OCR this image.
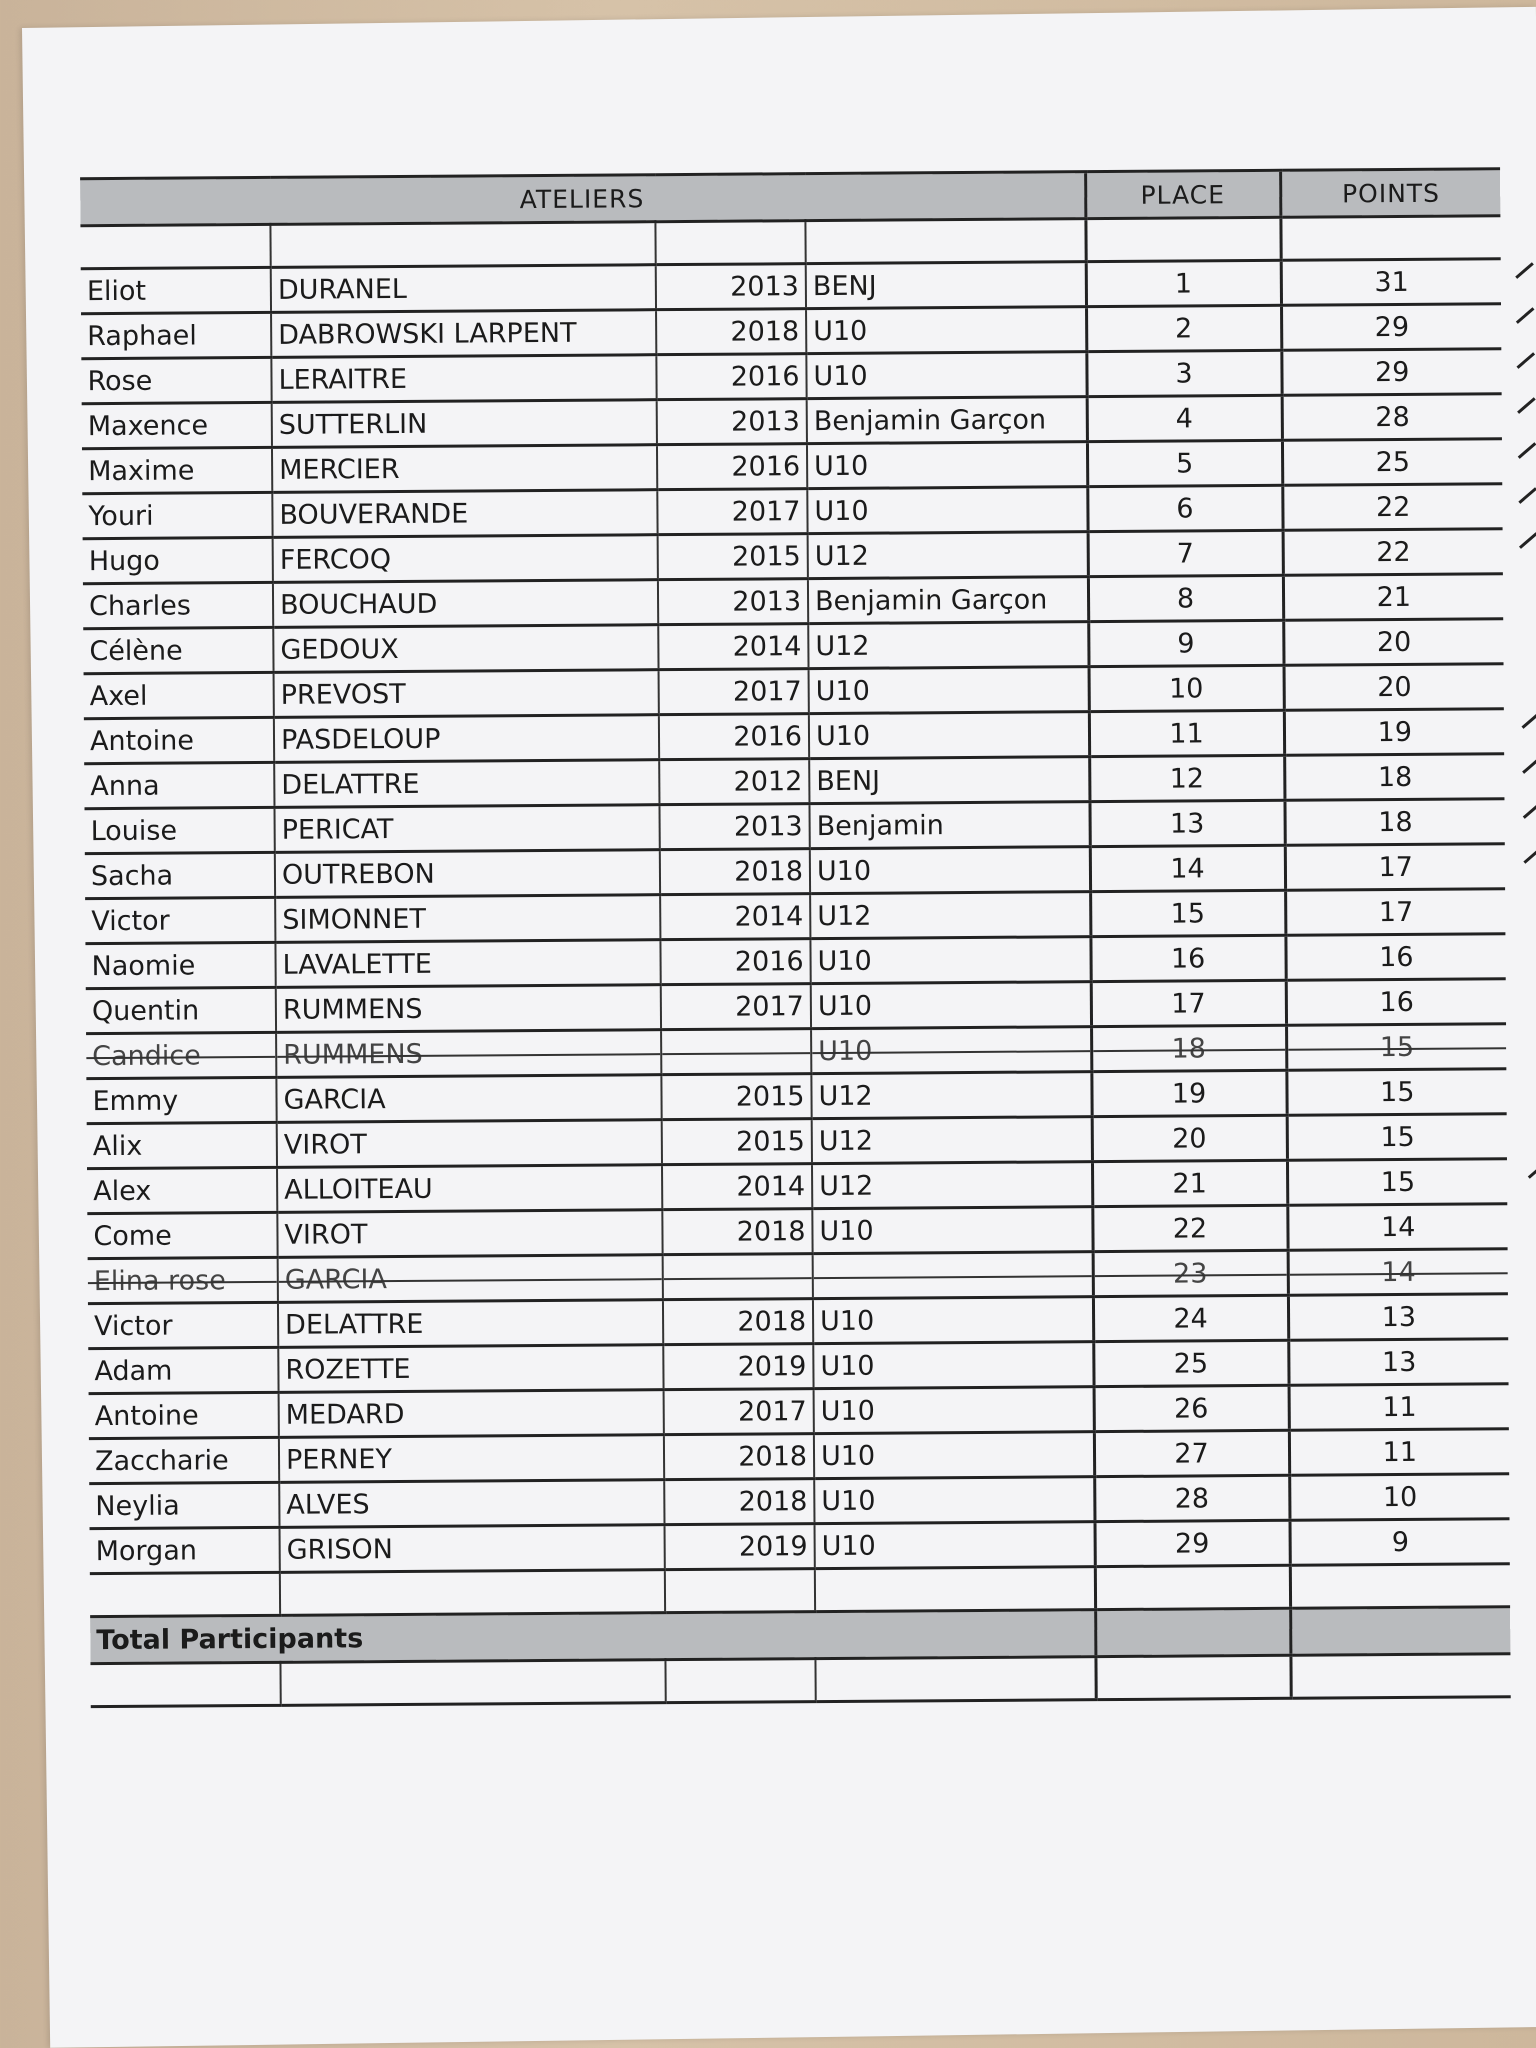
ATELIERS				PLACE	POINTS

Eliot	DURANEL	2013	BENJ	1	31
Raphael	DABROWSKI LARPENT	2018	U10	2	29
Rose	LERAITRE	2016	U10	3	29
Maxence	SUTTERLIN	2013	Benjamin Garçon	4	28
Maxime	MERCIER	2016	U10	5	25
Youri	BOUVERANDE	2017	U10	6	22
Hugo	FERCOQ	2015	U12	7	22
Charles	BOUCHAUD	2013	Benjamin Garçon	8	21
Célène	GEDOUX	2014	U12	9	20
Axel	PREVOST	2017	U10	10	20
Antoine	PASDELOUP	2016	U10	11	19
Anna	DELATTRE	2012	BENJ	12	18
Louise	PERICAT	2013	Benjamin	13	18
Sacha	OUTREBON	2018	U10	14	17
Victor	SIMONNET	2014	U12	15	17
Naomie	LAVALETTE	2016	U10	16	16
Quentin	RUMMENS	2017	U10	17	16
Candice	RUMMENS		U10	18	15

Emmy	GARCIA	2015	U12	19	15
Alix	VIROT	2015	U12	20	15
Alex	ALLOITEAU	2014	U12	21	15
Come	VIROT	2018	U10	22	14
Elina rose	GARCIA			23	14

Victor	DELATTRE	2018	U10	24	13
Adam	ROZETTE	2019	U10	25	13
Antoine	MEDARD	2017	U10	26	11
Zaccharie	PERNEY	2018	U10	27	11
Neylia	ALVES	2018	U10	28	10
Morgan	GRISON	2019	U10	29	9

Total Participants					
